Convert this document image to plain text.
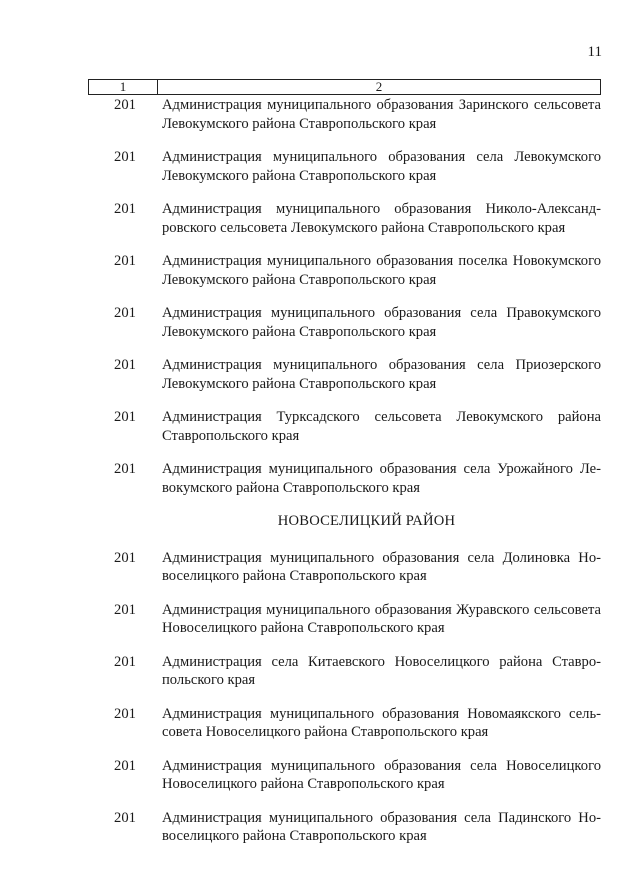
11
1	2
201	Администрация муниципального образования Заринского сельсовета Левокумского района Ставропольского края
201	Администрация муниципального образования села Левокумского Левокумского района Ставропольского края
201	Администрация муниципального образования Николо-Александровского сельсовета Левокумского района Ставропольского края
201	Администрация муниципального образования поселка Новокумского Левокумского района Ставропольского края
201	Администрация муниципального образования села Правокумского Левокумского района Ставропольского края
201	Администрация муниципального образования села Приозерского Левокумского района Ставропольского края
201	Администрация Турксадского сельсовета Левокумского района Ставропольского края
201	Администрация муниципального образования села Урожайного Левокумского района Ставропольского края
НОВОСЕЛИЦКИЙ РАЙОН
201	Администрация муниципального образования села Долиновка Новоселицкого района Ставропольского края
201	Администрация муниципального образования Журавского сельсовета Новоселицкого района Ставропольского края
201	Администрация села Китаевского Новоселицкого района Ставропольского края
201	Администрация муниципального образования Новомаякского сельсовета Новоселицкого района Ставропольского края
201	Администрация муниципального образования села Новоселицкого Новоселицкого района Ставропольского края
201	Администрация муниципального образования села Падинского Новоселицкого района Ставропольского края
